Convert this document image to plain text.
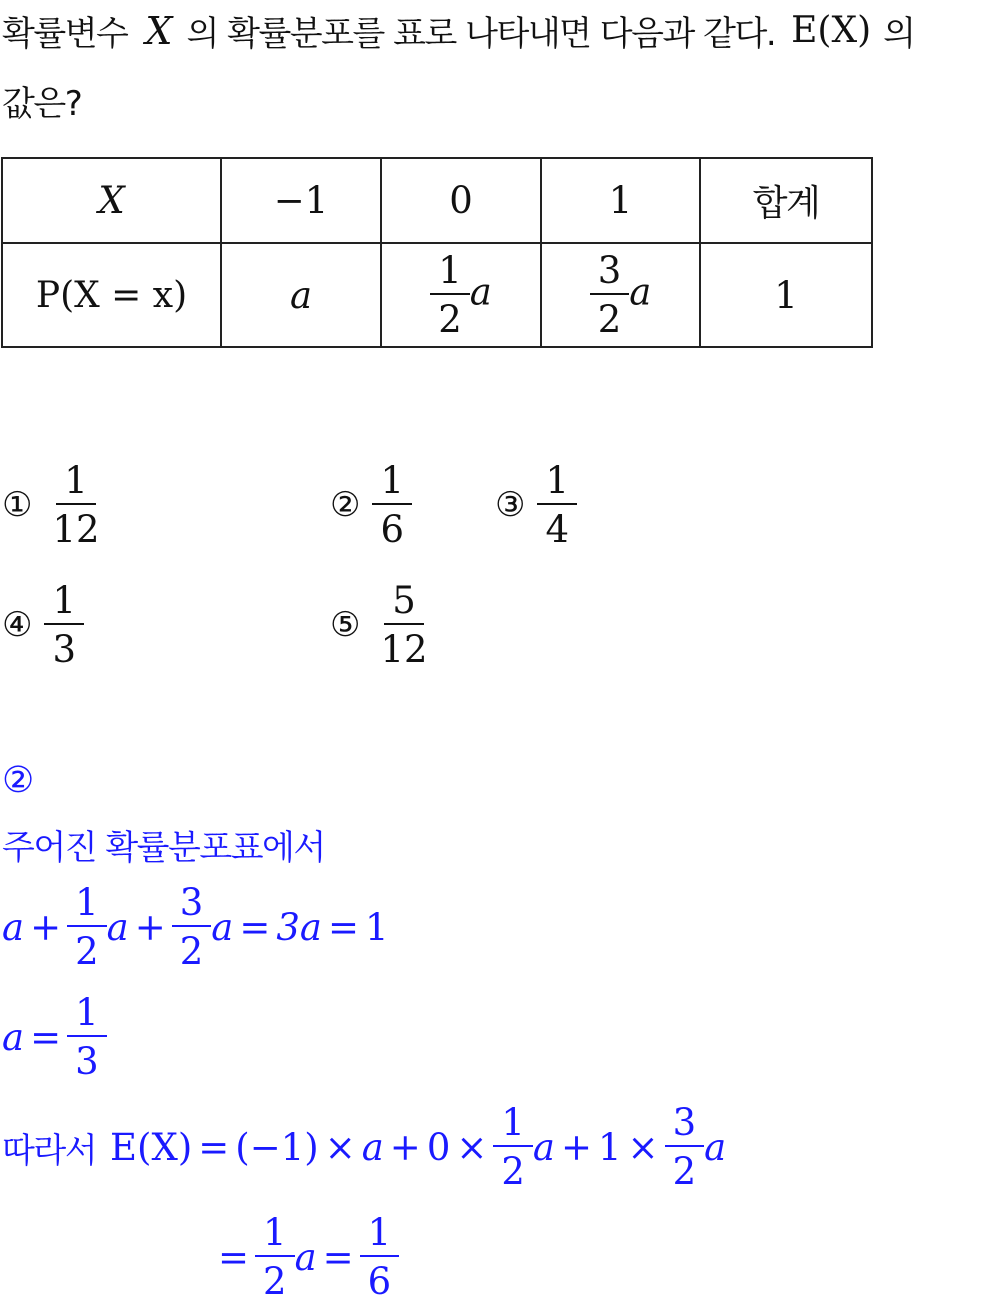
확률변수 X 의 확률분포를 표로 나타내면 다음과 같다. E(X) 의
값은?
X	−1	0	1	합계
P(X = x)	a	$\frac{1}{2}$ a	$\frac{3}{2}$ a	1
① $\frac{1}{12}$	② $\frac{1}{6}$ ③ $\frac{1}{4}$
④ $\frac{1}{3}$	⑤ $\frac{5}{12}$
②
주어진 확률분포표에서
$a + \frac{1}{2}$ $a + \frac{3}{2}$ a = 3a = 1
$a = \frac{1}{3}$
따라서 $E(X) = (-1) \times a + 0 \times \frac{1}{2}$ $a + 1 \times \frac{3}{2}$ a
= $\frac{1}{2}$ $a = \frac{1}{6}$
